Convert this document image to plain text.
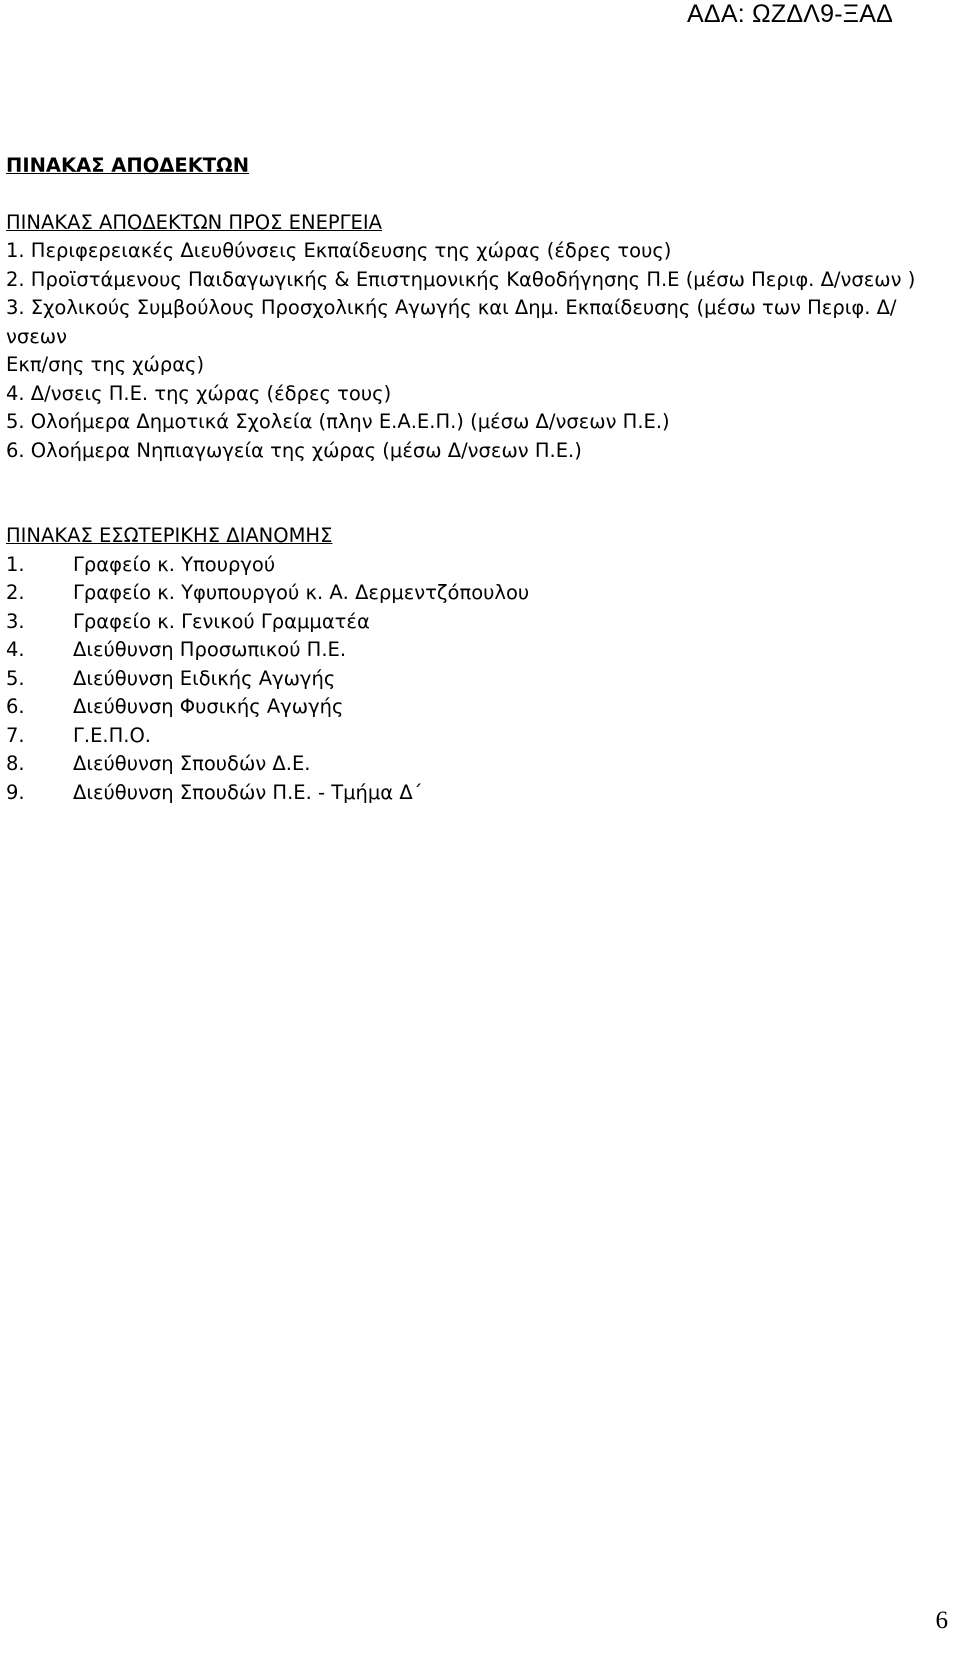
ΑΔΑ: ΩΖΔΛ9-ΞΑΔ

ΠΙΝΑΚΑΣ ΑΠΟΔΕΚΤΩΝ

ΠΙΝΑΚΑΣ ΑΠΟΔΕΚΤΩΝ ΠΡΟΣ ΕΝΕΡΓΕΙΑ

1. Περιφερειακές Διευθύνσεις Εκπαίδευσης της χώρας (έδρες τους)

2. Προϊστάμενους Παιδαγωγικής & Επιστημονικής Καθοδήγησης Π.Ε (μέσω Περιφ. Δ/νσεων )

3. Σχολικούς Συμβούλους Προσχολικής Αγωγής και Δημ. Εκπαίδευσης (μέσω των Περιφ. Δ/νσεων

Εκπ/σης της χώρας)

4. Δ/νσεις Π.Ε. της χώρας (έδρες τους)

5. Ολοήμερα Δημοτικά Σχολεία (πλην Ε.Α.Ε.Π.) (μέσω Δ/νσεων Π.Ε.)

6. Ολοήμερα Νηπιαγωγεία της χώρας (μέσω Δ/νσεων Π.Ε.)

ΠΙΝΑΚΑΣ ΕΣΩΤΕΡΙΚΗΣ ΔΙΑΝΟΜΗΣ

1.	Γραφείο κ. Υπουργού
2.	Γραφείο κ. Υφυπουργού κ. Α. Δερμεντζόπουλου
3.	Γραφείο κ. Γενικού Γραμματέα
4.	Διεύθυνση Προσωπικού Π.Ε.
5.	Διεύθυνση Ειδικής Αγωγής
6.	Διεύθυνση Φυσικής Αγωγής
7.	Γ.Ε.Π.Ο.
8.	Διεύθυνση Σπουδών Δ.Ε.
9.	Διεύθυνση Σπουδών Π.Ε. - Τμήμα Δ΄
6
